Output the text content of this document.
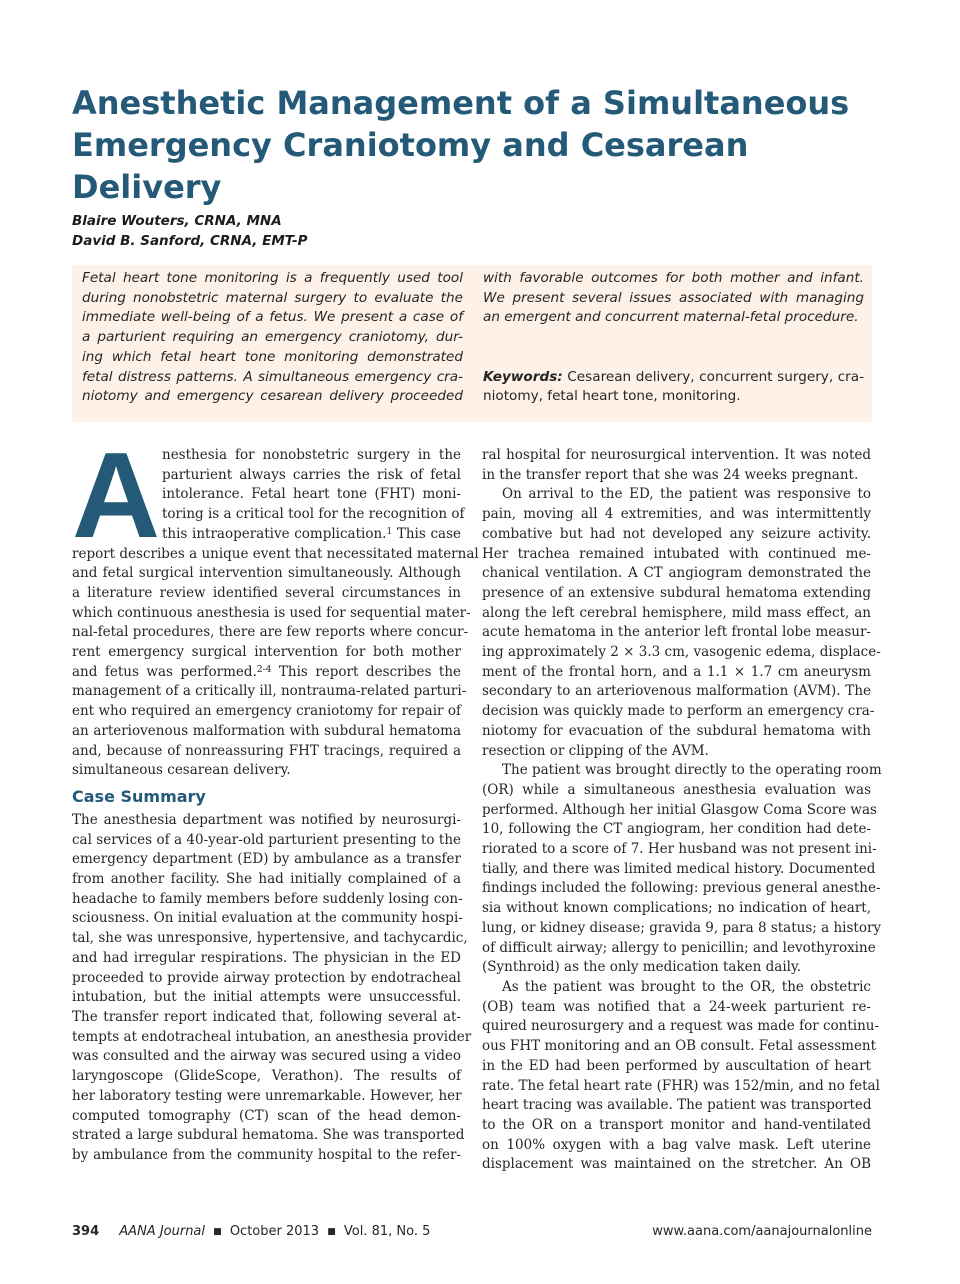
Anesthetic Management of a Simultaneous
Emergency Craniotomy and Cesarean Delivery
Blaire Wouters, CRNA, MNA
David B. Sanford, CRNA, EMT-P
Fetal heart tone monitoring is a frequently used tool
during nonobstetric maternal surgery to evaluate the
immediate well-being of a fetus. We present a case of
a parturient requiring an emergency craniotomy, dur-
ing which fetal heart tone monitoring demonstrated
fetal distress patterns. A simultaneous emergency cra-
niotomy and emergency cesarean delivery proceeded
with favorable outcomes for both mother and infant.
We present several issues associated with managing
an emergent and concurrent maternal-fetal procedure.
Keywords: Cesarean delivery, concurrent surgery, cra-
niotomy, fetal heart tone, monitoring.
A nesthesia for nonobstetric surgery in the
parturient always carries the risk of fetal
intolerance. Fetal heart tone (FHT) moni-
toring is a critical tool for the recognition of
this intraoperative complication.$^1$ This case
report describes a unique event that necessitated maternal
and fetal surgical intervention simultaneously. Although
a literature review identified several circumstances in
which continuous anesthesia is used for sequential mater-
nal-fetal procedures, there are few reports where concur-
rent emergency surgical intervention for both mother
and fetus was performed.$^{2-4}$ This report describes the
management of a critically ill, nontrauma-related parturi-
ent who required an emergency craniotomy for repair of
an arteriovenous malformation with subdural hematoma
and, because of nonreassuring FHT tracings, required a
simultaneous cesarean delivery.
Case Summary
The anesthesia department was notified by neurosurgi-
cal services of a 40-year-old parturient presenting to the
emergency department (ED) by ambulance as a transfer
from another facility. She had initially complained of a
headache to family members before suddenly losing con-
sciousness. On initial evaluation at the community hospi-
tal, she was unresponsive, hypertensive, and tachycardic,
and had irregular respirations. The physician in the ED
proceeded to provide airway protection by endotracheal
intubation, but the initial attempts were unsuccessful.
The transfer report indicated that, following several at-
tempts at endotracheal intubation, an anesthesia provider
was consulted and the airway was secured using a video
laryngoscope (GlideScope, Verathon). The results of
her laboratory testing were unremarkable. However, her
computed tomography (CT) scan of the head demon-
strated a large subdural hematoma. She was transported
by ambulance from the community hospital to the refer-
ral hospital for neurosurgical intervention. It was noted
in the transfer report that she was 24 weeks pregnant.
On arrival to the ED, the patient was responsive to
pain, moving all 4 extremities, and was intermittently
combative but had not developed any seizure activity.
Her trachea remained intubated with continued me-
chanical ventilation. A CT angiogram demonstrated the
presence of an extensive subdural hematoma extending
along the left cerebral hemisphere, mild mass effect, an
acute hematoma in the anterior left frontal lobe measur-
ing approximately 2 × 3.3 cm, vasogenic edema, displace-
ment of the frontal horn, and a 1.1 × 1.7 cm aneurysm
secondary to an arteriovenous malformation (AVM). The
decision was quickly made to perform an emergency cra-
niotomy for evacuation of the subdural hematoma with
resection or clipping of the AVM.
The patient was brought directly to the operating room
(OR) while a simultaneous anesthesia evaluation was
performed. Although her initial Glasgow Coma Score was
10, following the CT angiogram, her condition had dete-
riorated to a score of 7. Her husband was not present ini-
tially, and there was limited medical history. Documented
findings included the following: previous general anesthe-
sia without known complications; no indication of heart,
lung, or kidney disease; gravida 9, para 8 status; a history
of difficult airway; allergy to penicillin; and levothyroxine
(Synthroid) as the only medication taken daily.
As the patient was brought to the OR, the obstetric
(OB) team was notified that a 24-week parturient re-
quired neurosurgery and a request was made for continu-
ous FHT monitoring and an OB consult. Fetal assessment
in the ED had been performed by auscultation of heart
rate. The fetal heart rate (FHR) was 152/min, and no fetal
heart tracing was available. The patient was transported
to the OR on a transport monitor and hand-ventilated
on 100% oxygen with a bag valve mask. Left uterine
displacement was maintained on the stretcher. An OB
394 AANA Journal ■ October 2013 ■ Vol. 81, No. 5	www.aana.com/aanajournalonline
